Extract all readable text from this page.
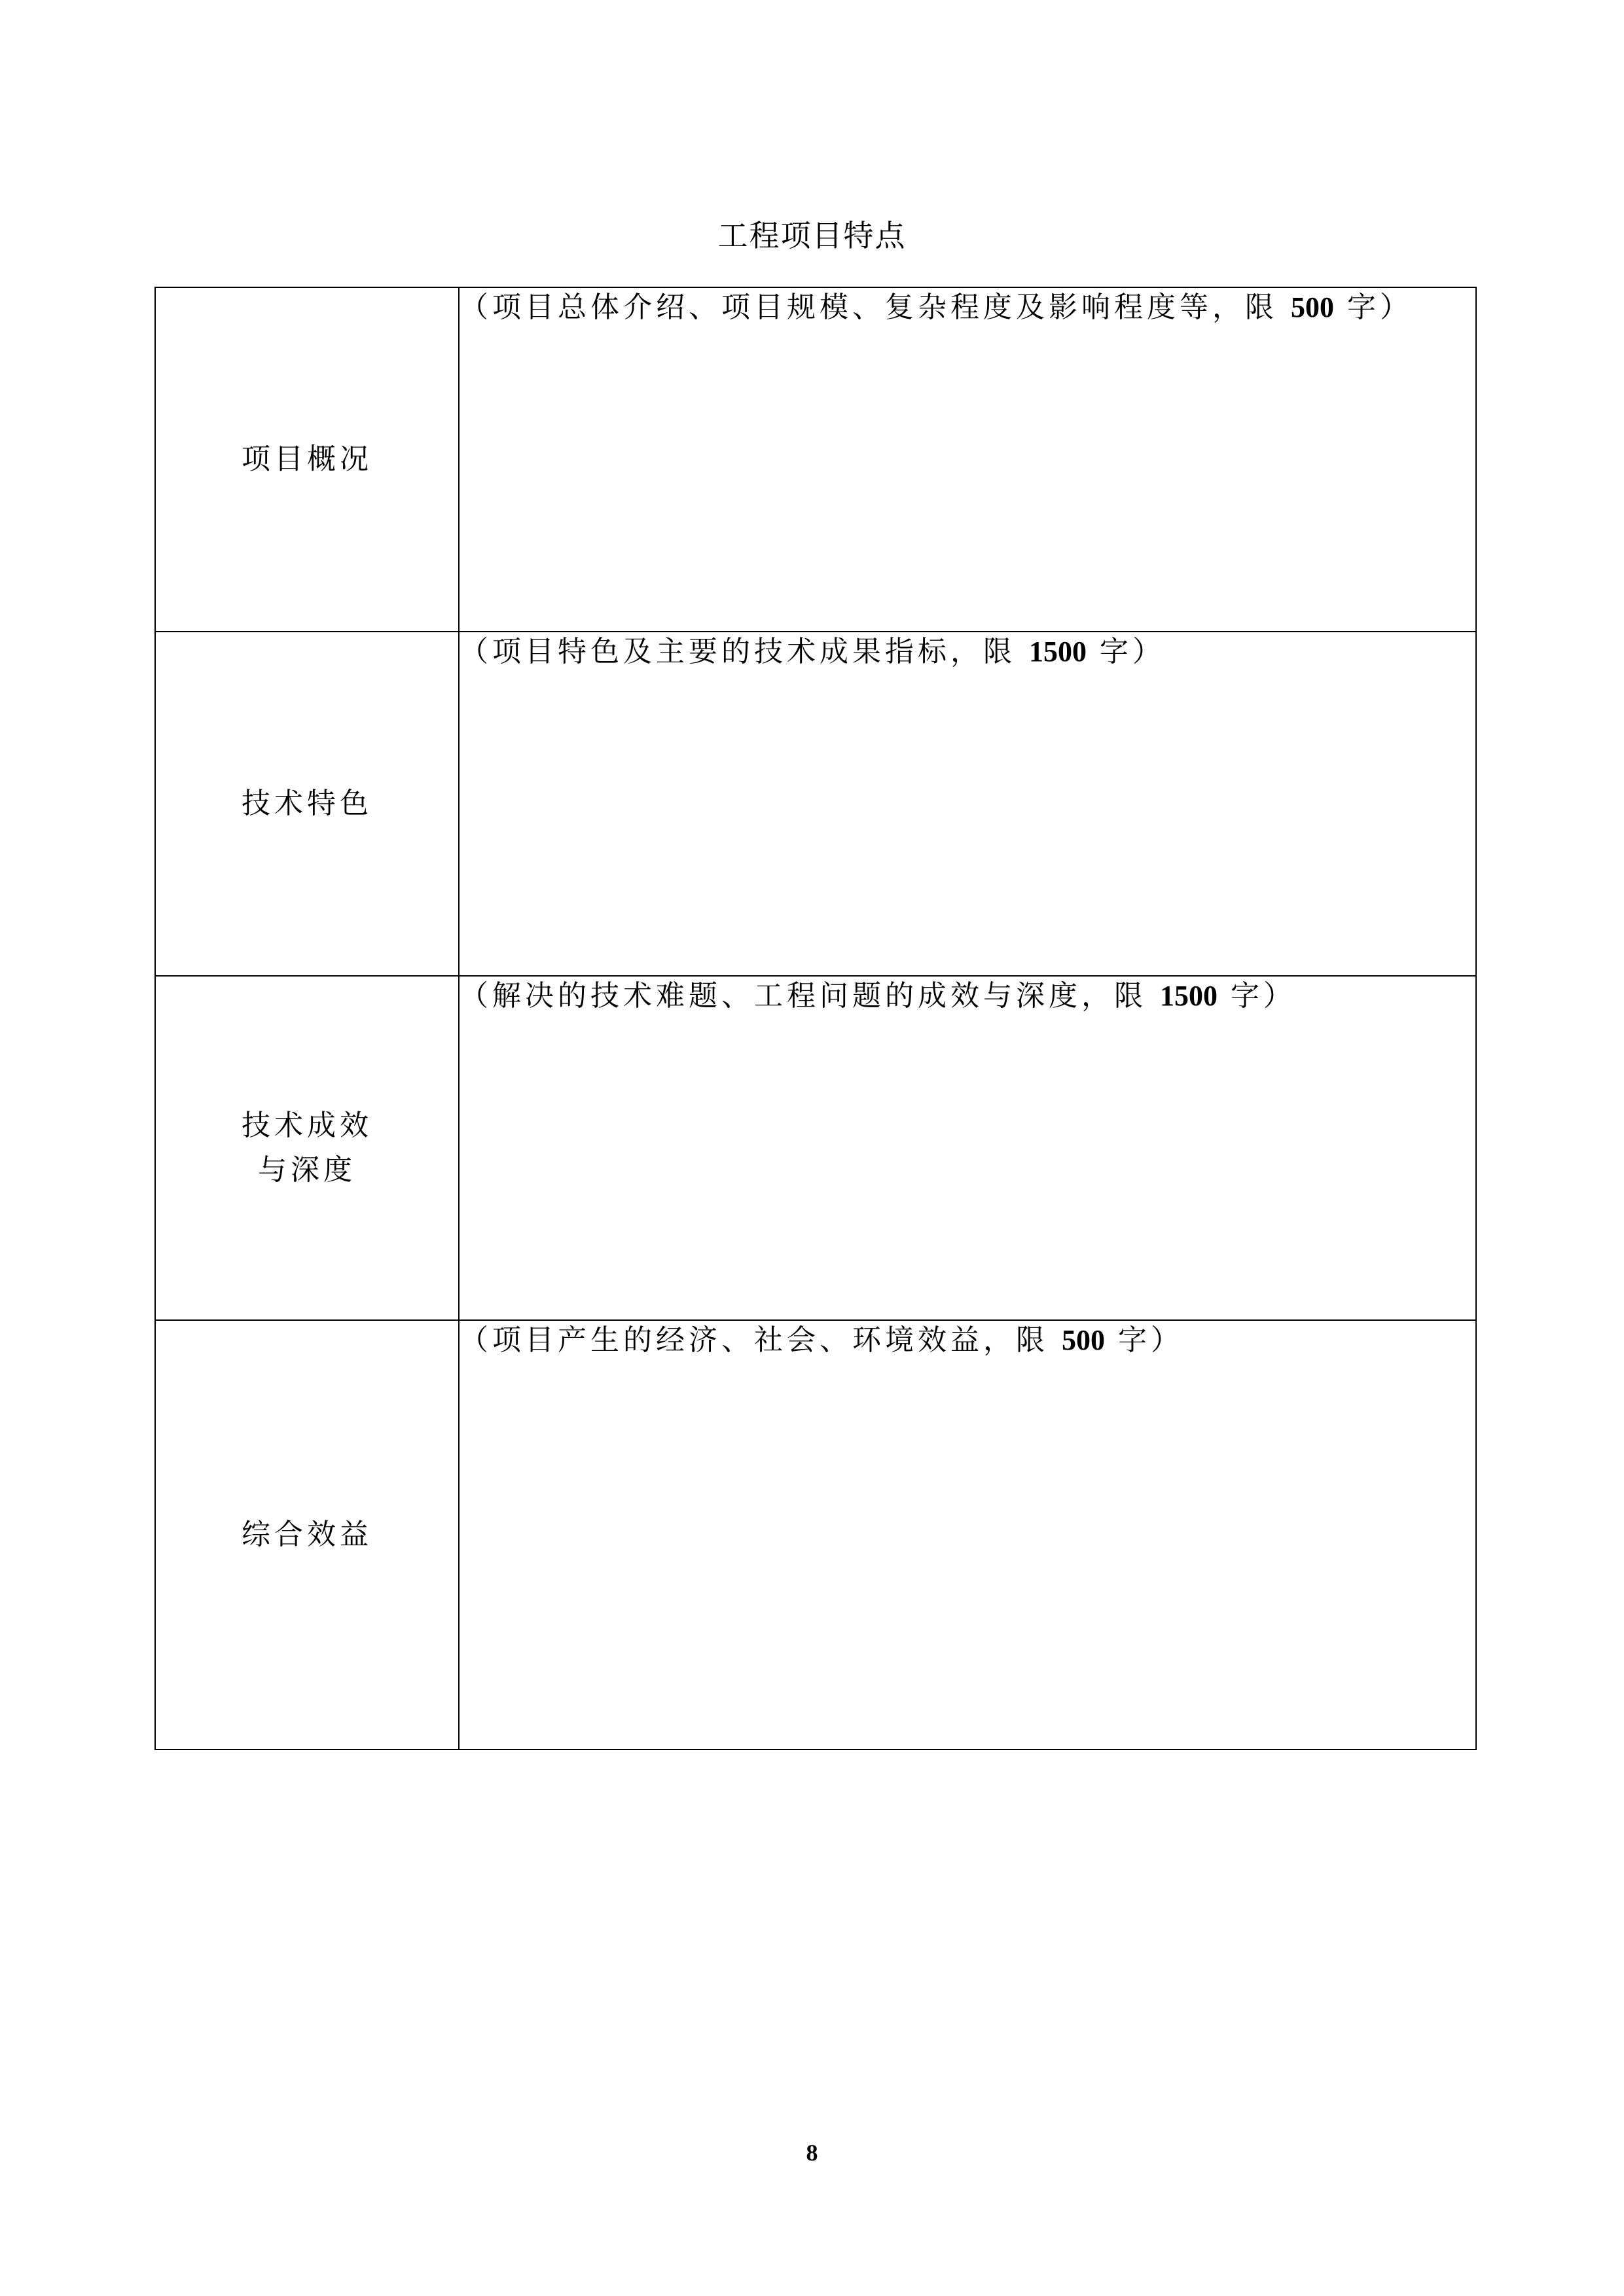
工程项目特点
项目概况	（项目总体介绍、项目规模、复杂程度及影响程度等，限 500 字）

技术特色	（项目特色及主要的技术成果指标，限 1500 字）

技术成效
与深度	（解决的技术难题、工程问题的成效与深度，限 1500 字）

综合效益	（项目产生的经济、社会、环境效益，限 500 字）
8
